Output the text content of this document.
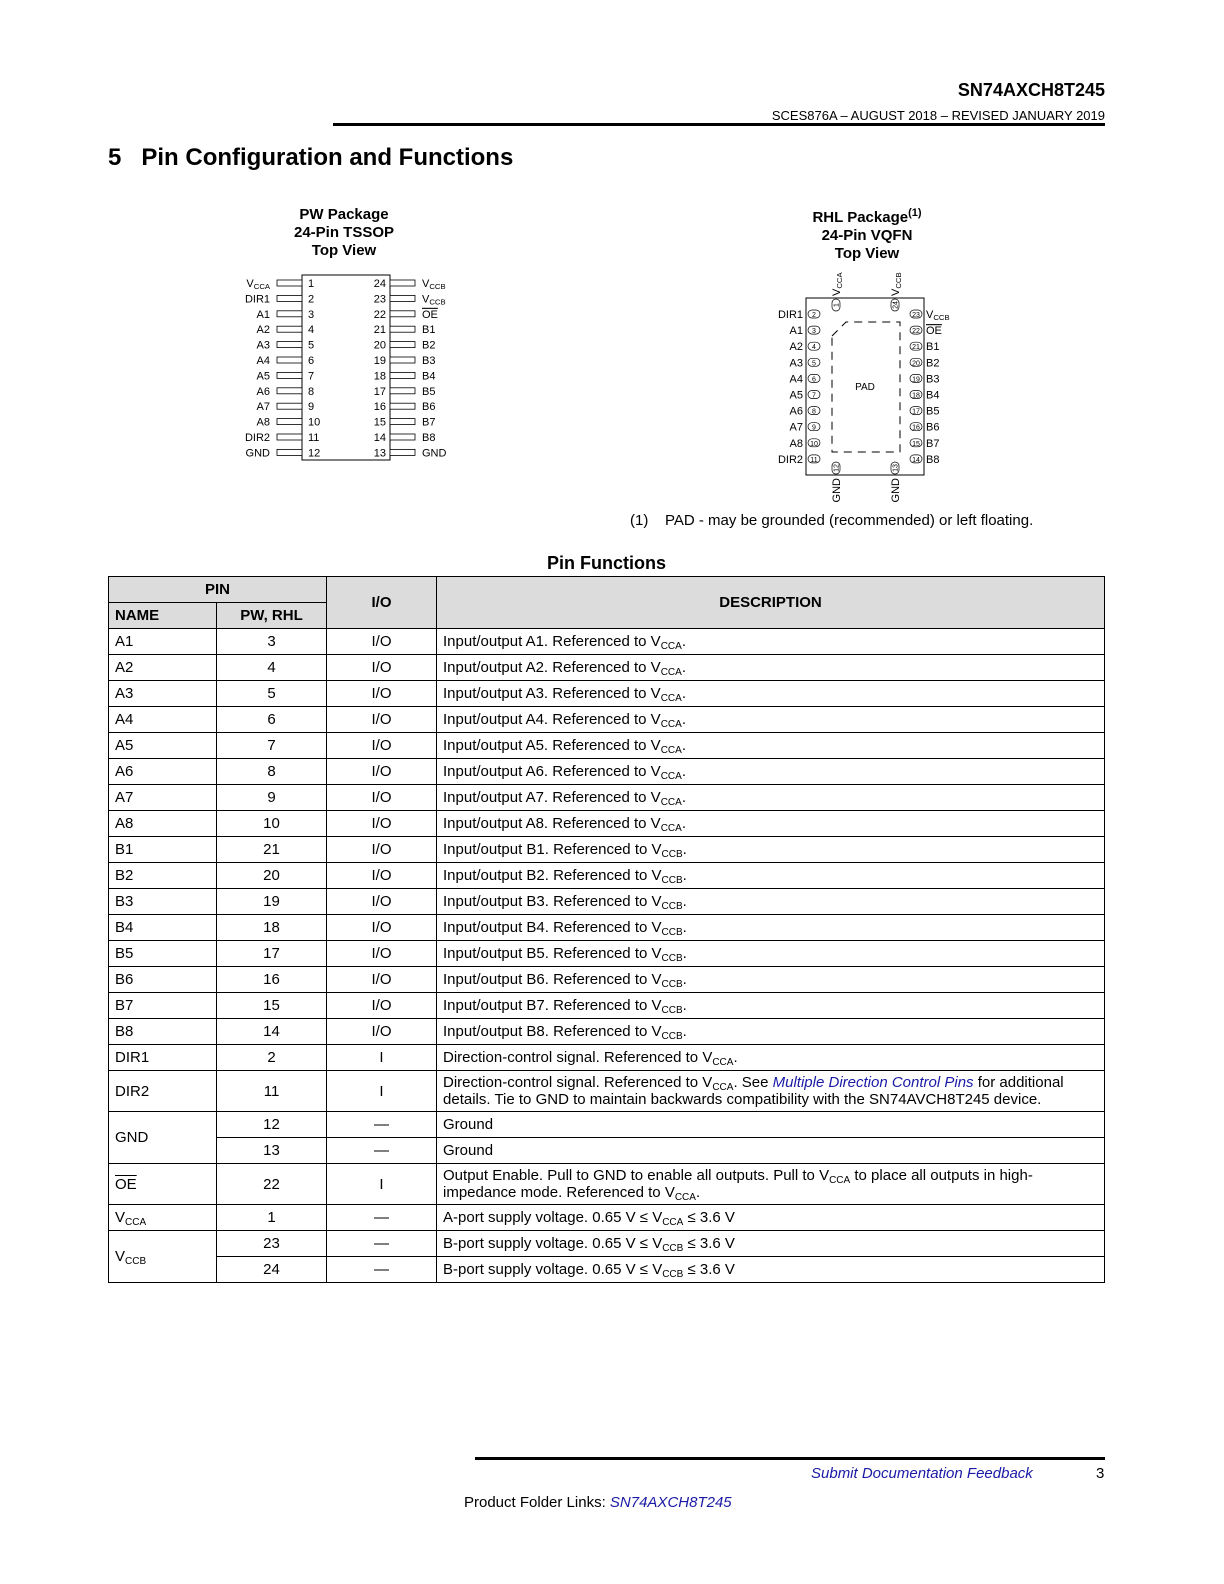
SN74AXCH8T245
SCES876A – AUGUST 2018 – REVISED JANUARY 2019
5   Pin Configuration and Functions
PW Package
24-Pin TSSOP
Top View
RHL Package$^{(1)}$
24-Pin VQFN
Top View
VCCA	1
DIR1	2
A1	3
A2	4
A3	5
A4	6
A5	7
A6	8
A7	9
A8	10
DIR2	11
GND	12
VCCB
24
VCCB
23
OE
22
B1
21
B2
20
B3
19
B4
18
B5
17
B6
16
B7
15
B8
14
GND
13
PAD
2
DIR1
3
A1
4
A2
5
A3
6
A4
7
A5
8
A6
9
A7
10
A8
11
DIR2
23 VCCB
22 OE
21 B1
20 B2
19 B3
18 B4
17 B5
16 B6
15 B7
14 B8
1
VCCA
24
VCCB
12
GND
13
GND
(1)    PAD - may be grounded (recommended) or left floating.
Pin Functions
PIN		I/O	DESCRIPTION
NAME	PW, RHL		
A1	3	I/O	Input/output A1. Referenced to $V_{CCA}$.
A2	4	I/O	Input/output A2. Referenced to $V_{CCA}$.
A3	5	I/O	Input/output A3. Referenced to $V_{CCA}$.
A4	6	I/O	Input/output A4. Referenced to $V_{CCA}$.
A5	7	I/O	Input/output A5. Referenced to $V_{CCA}$.
A6	8	I/O	Input/output A6. Referenced to $V_{CCA}$.
A7	9	I/O	Input/output A7. Referenced to $V_{CCA}$.
A8	10	I/O	Input/output A8. Referenced to $V_{CCA}$.
B1	21	I/O	Input/output B1. Referenced to $V_{CCB}$.
B2	20	I/O	Input/output B2. Referenced to $V_{CCB}$.
B3	19	I/O	Input/output B3. Referenced to $V_{CCB}$.
B4	18	I/O	Input/output B4. Referenced to $V_{CCB}$.
B5	17	I/O	Input/output B5. Referenced to $V_{CCB}$.
B6	16	I/O	Input/output B6. Referenced to $V_{CCB}$.
B7	15	I/O	Input/output B7. Referenced to $V_{CCB}$.
B8	14	I/O	Input/output B8. Referenced to $V_{CCB}$.
DIR1	2	I	Direction-control signal. Referenced to $V_{CCA}$.
DIR2	11	I	Direction-control signal. Referenced to $V_{CCA}$. See Multiple Direction Control Pins for additional details. Tie to GND to maintain backwards compatibility with the SN74AVCH8T245 device.
GND	12	—	Ground
	13	—	Ground
$\overline{OE}$	22	I	Output Enable. Pull to GND to enable all outputs. Pull to $V_{CCA}$ to place all outputs in high-impedance mode. Referenced to $V_{CCA}$.
$V_{CCA}$	1	—	A-port supply voltage. 0.65 $V \le V_{CCA} \le 3.6$ V
$V_{CCB}$	23	—	B-port supply voltage. 0.65 $V \le V_{CCB} \le 3.6$ V
	24	—	B-port supply voltage. 0.65 $V \le V_{CCB} \le 3.6$ V
Submit Documentation Feedback	3
Product Folder Links: SN74AXCH8T245
